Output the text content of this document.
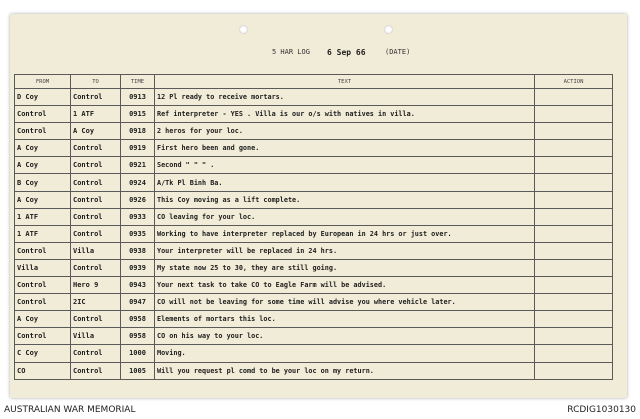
5 HAR LOG 6 Sep 66	(DATE)
FROM	TO	TIME	TEXT	ACTION
D Coy	Control	0913	12 Pl ready to receive mortars.	
Control	1 ATF	0915	Ref interpreter - YES . Villa is our o/s with natives in villa.	
Control	A Coy	0918	2 heros for your loc.	
A Coy	Control	0919	First hero been and gone.	
A Coy	Control	0921	Second " " " .	
B Coy	Control	0924	A/Tk Pl Binh Ba.	
A Coy	Control	0926	This Coy moving as a lift complete.	
1 ATF	Control	0933	CO leaving for your loc.	
1 ATF	Control	0935	Working to have interpreter replaced by European in 24 hrs or just over.	
Control	Villa	0938	Your interpreter will be replaced in 24 hrs.	
Villa	Control	0939	My state now 25 to 30, they are still going.	
Control	Hero 9	0943	Your next task to take CO to Eagle Farm will be advised.	
Control	2IC	0947	CO will not be leaving for some time will advise you where vehicle later.	
A Coy	Control	0958	Elements of mortars this loc.	
Control	Villa	0958	CO on his way to your loc.	
C Coy	Control	1000	Moving.	
CO	Control	1005	Will you request pl comd to be your loc on my return.	
AUSTRALIAN WAR MEMORIAL	RCDIG1030130
